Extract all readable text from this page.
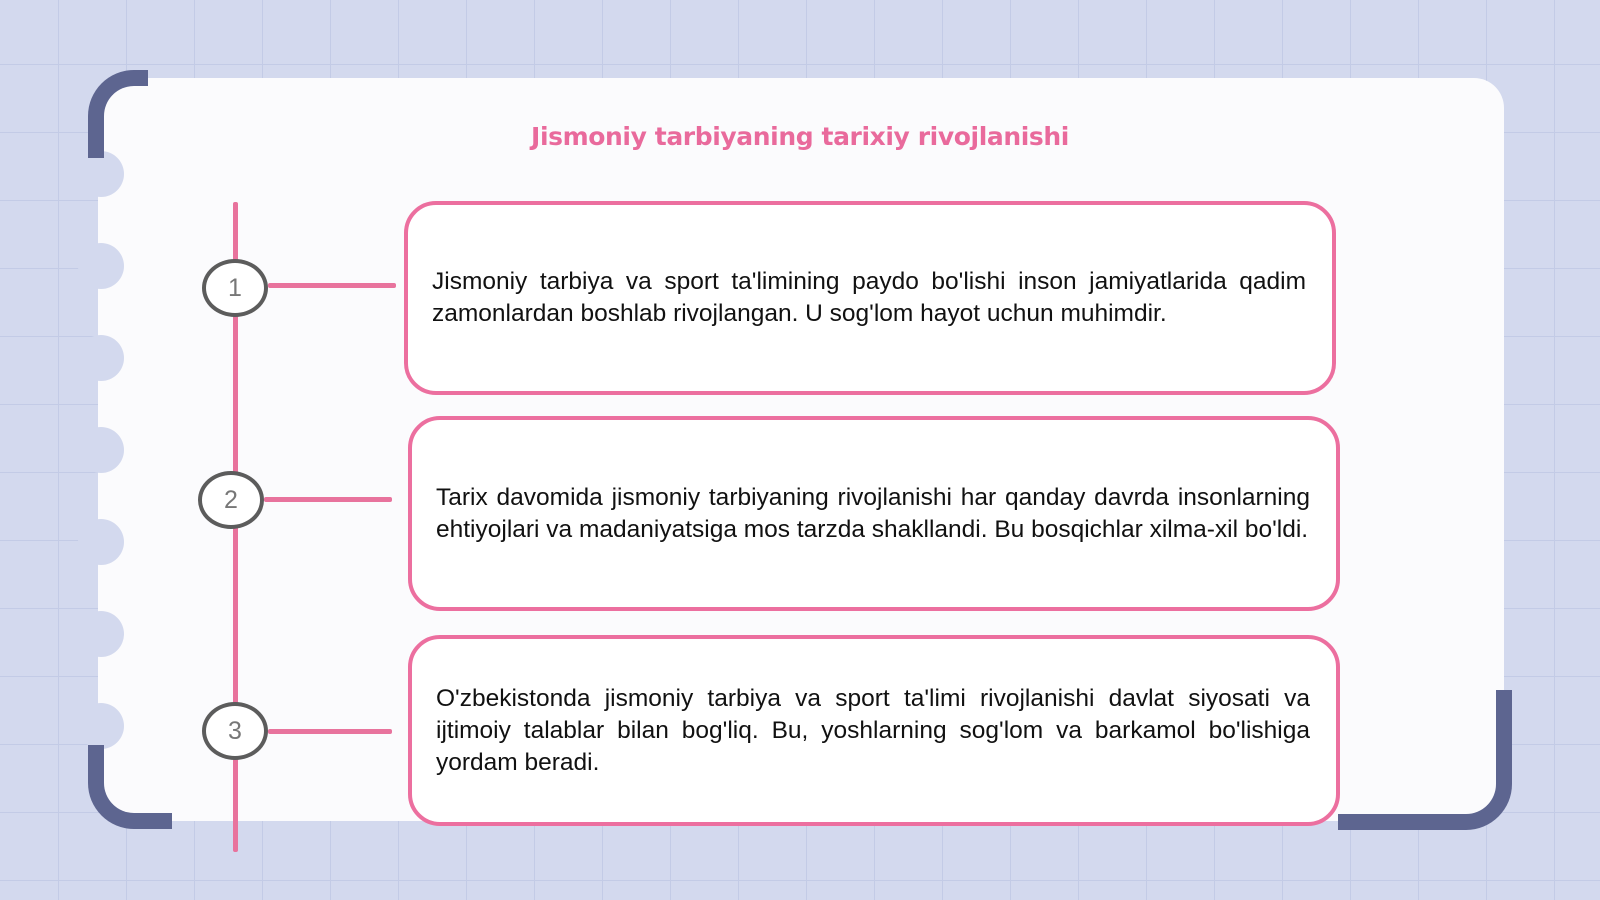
Jismoniy tarbiyaning tarixiy rivojlanishi
1	Jismoniy tarbiya va sport ta'limining paydo bo'lishi inson jamiyatlarida qadim zamonlardan boshlab rivojlangan. U sog'lom hayot uchun muhimdir.

2	Tarix davomida jismoniy tarbiyaning rivojlanishi har qanday davrda insonlarning ehtiyojlari va madaniyatsiga mos tarzda shakllandi. Bu bosqichlar xilma-xil bo'ldi.

3

O'zbekistonda jismoniy tarbiya va sport ta'limi rivojlanishi davlat siyosati va ijtimoiy talablar bilan bog'liq. Bu, yoshlarning sog'lom va barkamol bo'lishiga yordam beradi.
